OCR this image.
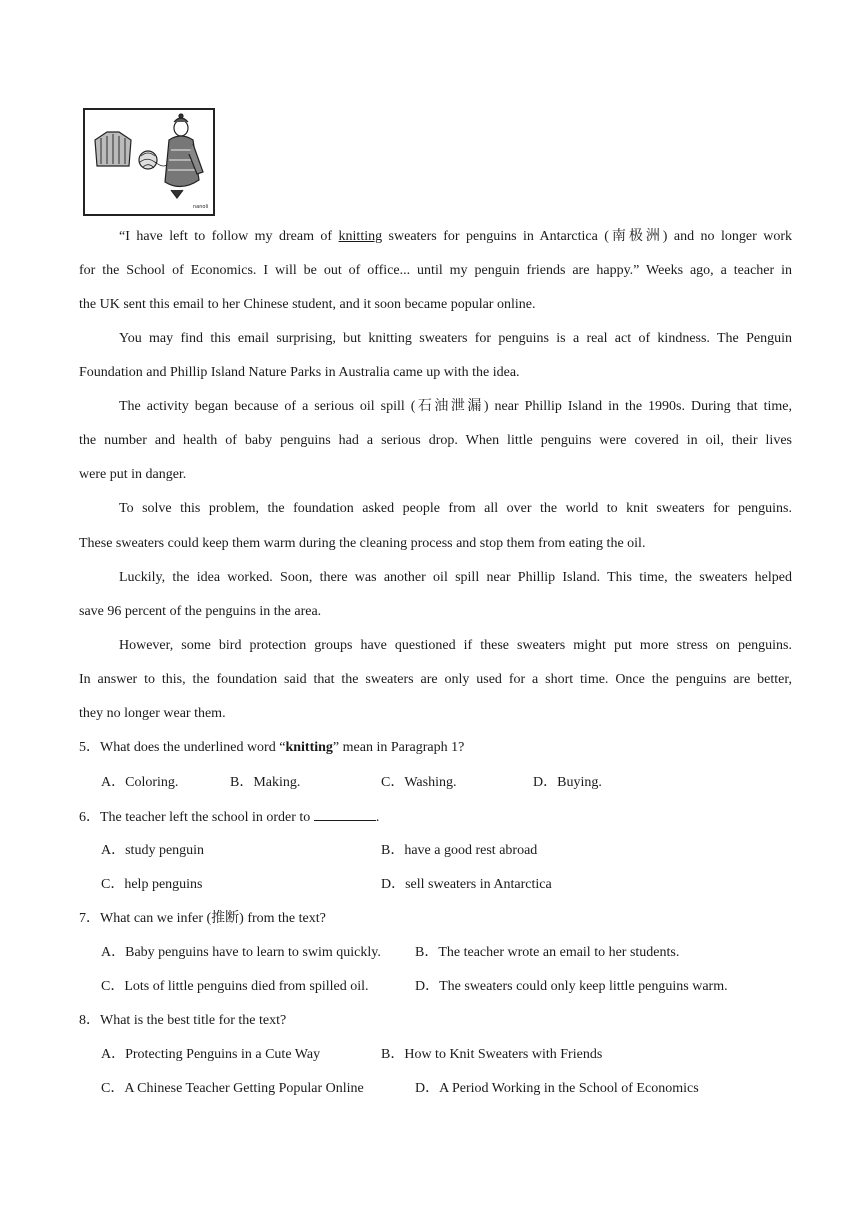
nanoli
“I have left to follow my dream of knitting sweaters for penguins in Antarctica (南极洲) and no longer work
for the School of Economics. I will be out of office... until my penguin friends are happy.” Weeks ago, a teacher in
the UK sent this email to her Chinese student, and it soon became popular online.
You may find this email surprising, but knitting sweaters for penguins is a real act of kindness. The Penguin
Foundation and Phillip Island Nature Parks in Australia came up with the idea.
The activity began because of a serious oil spill (石油泄漏) near Phillip Island in the 1990s. During that time,
the number and health of baby penguins had a serious drop. When little penguins were covered in oil, their lives
were put in danger.
To solve this problem, the foundation asked people from all over the world to knit sweaters for penguins.
These sweaters could keep them warm during the cleaning process and stop them from eating the oil.
Luckily, the idea worked. Soon, there was another oil spill near Phillip Island. This time, the sweaters helped
save 96 percent of the penguins in the area.
However, some bird protection groups have questioned if these sweaters might put more stress on penguins.
In answer to this, the foundation said that the sweaters are only used for a short time. Once the penguins are better,
they no longer wear them.
5．What does the underlined word “knitting” mean in Paragraph 1?
A．Coloring.	B．Making.	C．Washing.	D．Buying.
6．The teacher left the school in order to	.
A．study penguin	B．have a good rest abroad
C．help penguins	D．sell sweaters in Antarctica
7．What can we infer (推断) from the text?
A．Baby penguins have to learn to swim quickly. B．The teacher wrote an email to her students.
C．Lots of little penguins died from spilled oil.	D．The sweaters could only keep little penguins warm.
8．What is the best title for the text?
A．Protecting Penguins in a Cute Way	B．How to Knit Sweaters with Friends
C．A Chinese Teacher Getting Popular Online	D．A Period Working in the School of Economics
